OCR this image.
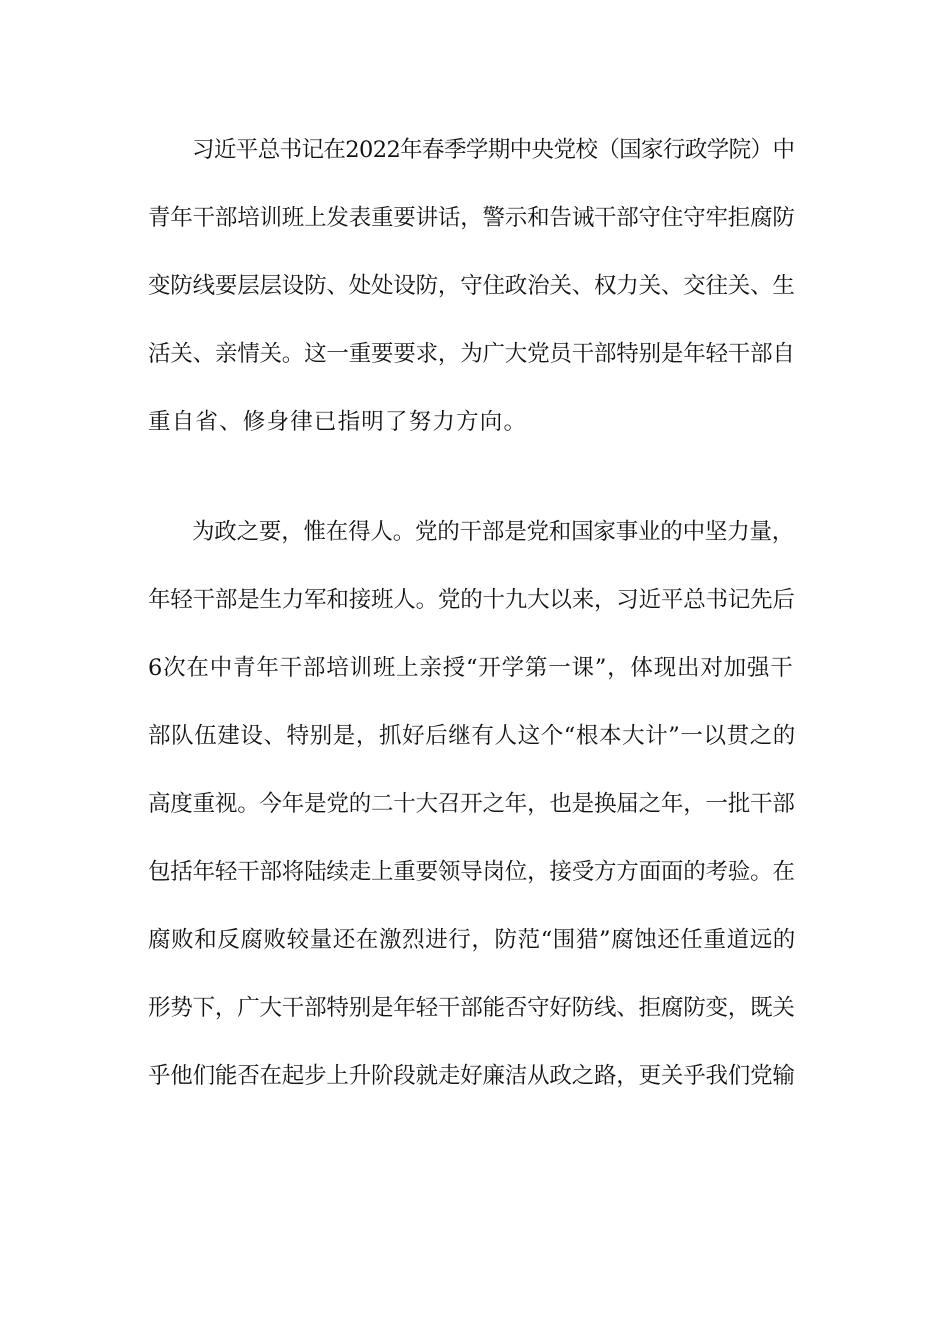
习近平总书记在2022年春季学期中央党校（国家行政学院）中
青年干部培训班上发表重要讲话，警示和告诫干部守住守牢拒腐防
变防线要层层设防、处处设防，守住政治关、权力关、交往关、生
活关、亲情关。这一重要要求，为广大党员干部特别是年轻干部自
重自省、修身律已指明了努力方向。
为政之要，惟在得人。党的干部是党和国家事业的中坚力量，
年轻干部是生力军和接班人。党的十九大以来，习近平总书记先后
6次在中青年干部培训班上亲授“开学第一课”，体现出对加强干
部队伍建设、特别是，抓好后继有人这个“根本大计”一以贯之的
高度重视。今年是党的二十大召开之年，也是换届之年，一批干部
包括年轻干部将陆续走上重要领导岗位，接受方方面面的考验。在
腐败和反腐败较量还在激烈进行，防范“围猎”腐蚀还任重道远的
形势下，广大干部特别是年轻干部能否守好防线、拒腐防变，既关
乎他们能否在起步上升阶段就走好廉洁从政之路，更关乎我们党输
